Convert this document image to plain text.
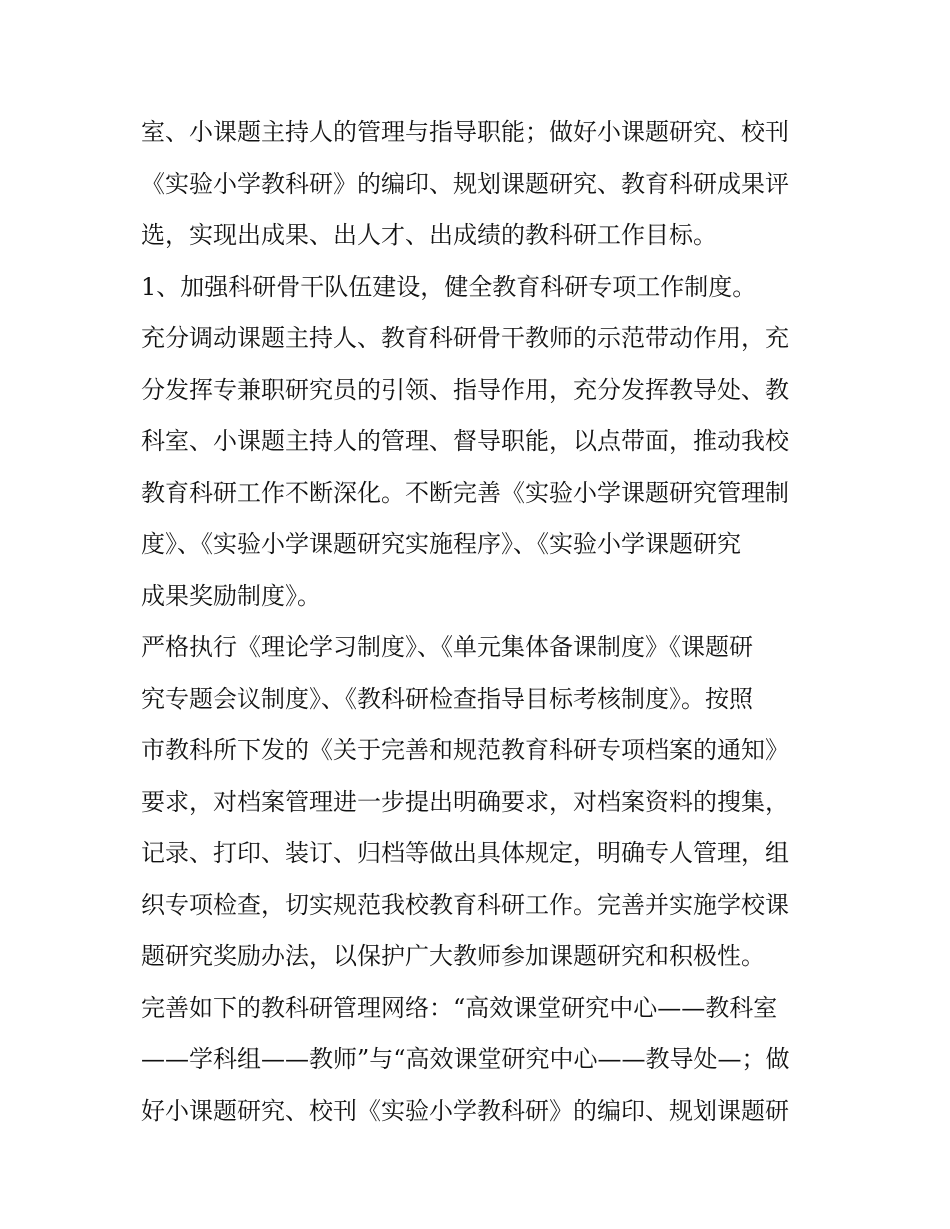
室、小课题主持人的管理与指导职能；做好小课题研究、校刊
《实验小学教科研》的编印、规划课题研究、教育科研成果评
选，实现出成果、出人才、出成绩的教科研工作目标。
1、加强科研骨干队伍建设，健全教育科研专项工作制度。
充分调动课题主持人、教育科研骨干教师的示范带动作用，充
分发挥专兼职研究员的引领、指导作用，充分发挥教导处、教
科室、小课题主持人的管理、督导职能，以点带面，推动我校
教育科研工作不断深化。不断完善《实验小学课题研究管理制
度》、《实验小学课题研究实施程序》、《实验小学课题研究
成果奖励制度》。
严格执行《理论学习制度》、《单元集体备课制度》《课题研
究专题会议制度》、《教科研检查指导目标考核制度》。按照
市教科所下发的《关于完善和规范教育科研专项档案的通知》
要求，对档案管理进一步提出明确要求，对档案资料的搜集，
记录、打印、装订、归档等做出具体规定，明确专人管理，组
织专项检查，切实规范我校教育科研工作。完善并实施学校课
题研究奖励办法，以保护广大教师参加课题研究和积极性。
完善如下的教科研管理网络：“高效课堂研究中心——教科室
——学科组——教师”与“高效课堂研究中心——教导处—；做
好小课题研究、校刊《实验小学教科研》的编印、规划课题研
